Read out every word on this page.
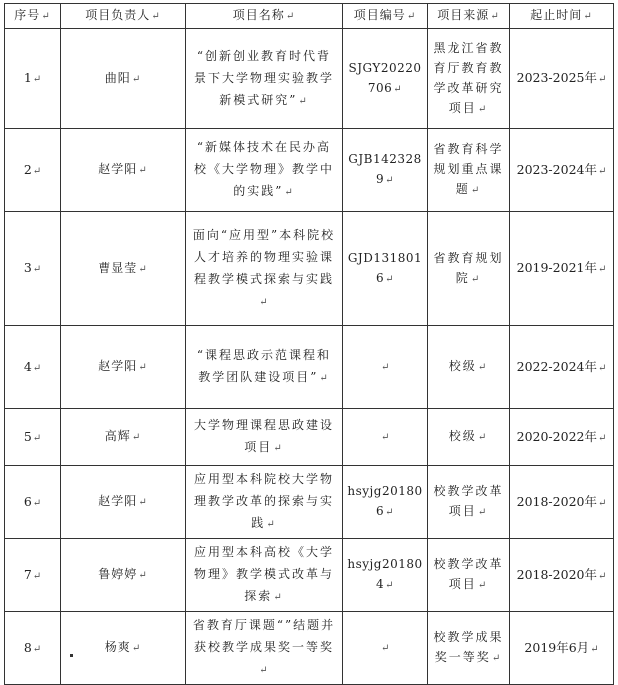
序号↵	项目负责人↵	项目名称↵	项目编号↵	项目来源↵	起止时间↵
1↵	曲阳↵	“创新创业教育时代背景下大学物理实验教学新模式研究”↵	SJGY20220706↵	黑龙江省教育厅教育教学改革研究项目↵	2023-2025年↵
2↵	赵学阳↵	“新媒体技术在民办高校《大学物理》教学中的实践”↵	GJB1423289↵	省教育科学规划重点课题↵	2023-2024年↵
3↵	曹显莹↵	面向“应用型”本科院校人才培养的物理实验课程教学模式探索与实践↵	GJD1318016↵	省教育规划院↵	2019-2021年↵
4↵	赵学阳↵	“课程思政示范课程和教学团队建设项目”↵	↵	校级↵	2022-2024年↵
5↵	高辉↵	大学物理课程思政建设项目↵	↵	校级↵	2020-2022年↵
6↵	赵学阳↵	应用型本科院校大学物理教学改革的探索与实践↵	hsyjg201806↵	校教学改革项目↵	2018-2020年↵
7↵	鲁婷婷↵	应用型本科高校《大学物理》教学模式改革与探索↵	hsyjg201804↵	校教学改革项目↵	2018-2020年↵
8↵	杨爽↵	省教育厅课题“”结题并获校教学成果奖一等奖↵	↵	校教学成果奖一等奖↵	2019年6月↵
